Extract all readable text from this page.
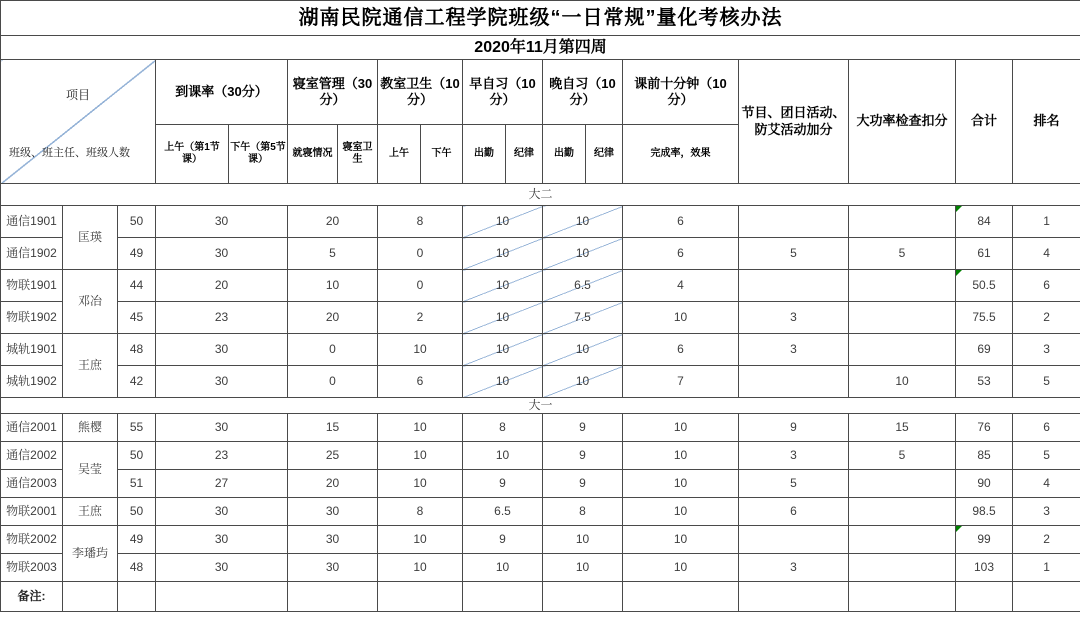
湖南民院通信工程学院班级“一日常规”量化考核办法																	
2020年11月第四周																	

项目
班级、班主任、班级人数			到课率（30分）		寝室管理（30分）		教室卫生（10分）		早自习（10分）		晚自习（10分）		课前十分钟（10分）	节目、团日活动、防艾活动加分	大功率检查扣分	合计	排名
			上午（第1节课）	下午（第5节课）	就寝情况	寝室卫生	上午	下午	出勤	纪律	出勤	纪律	完成率，效果				
大二																	
通信1901	匡瑛	50	30		20		8		10		10		6			84	1
通信1902		49	30		5		0		10		10		6	5	5	61	4
物联1901	邓冶	44	20		10		0		10		6.5		4			50.5	6
物联1902		45	23		20		2		10		7.5		10	3		75.5	2
城轨1901	王庶	48	30		0		10		10		10		6	3		69	3
城轨1902		42	30		0		6		10		10		7		10	53	5
大一																	
通信2001	熊樱	55	30		15		10		8		9		10	9	15	76	6
通信2002	吴莹	50	23		25		10		10		9		10	3	5	85	5
通信2003		51	27		20		10		9		9		10	5		90	4
物联2001	王庶	50	30		30		8		6.5		8		10	6		98.5	3
物联2002	李璠玙	49	30		30		10		9		10		10			99	2
物联2003		48	30		30		10		10		10		10	3		103	1
备注:																	
